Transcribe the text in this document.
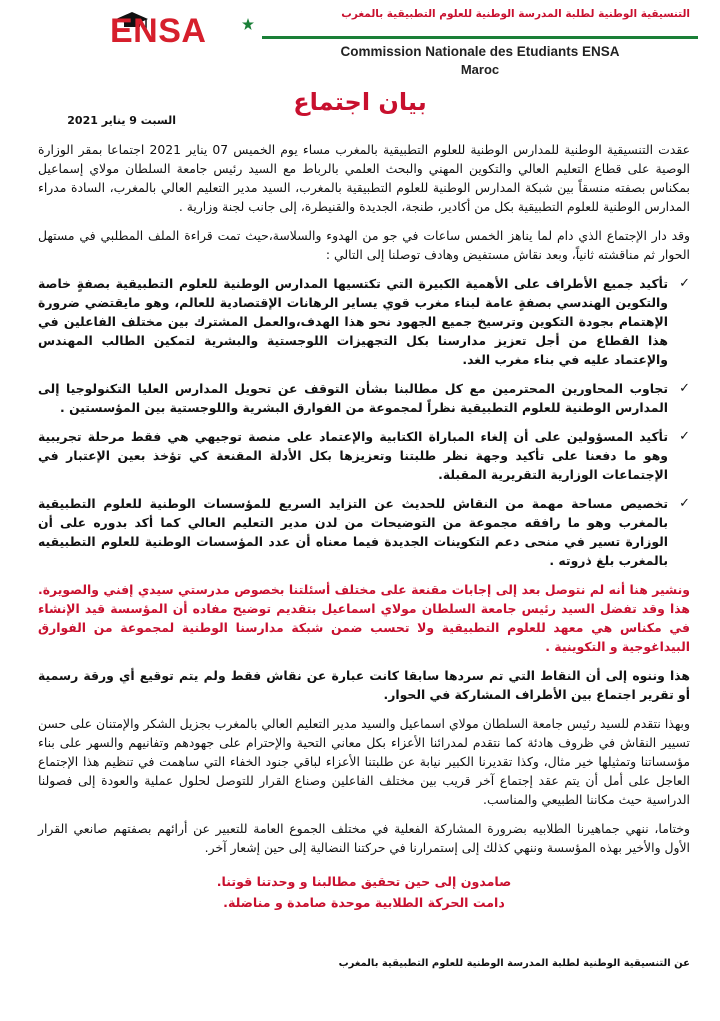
التنسيقية الوطنية لطلبة المدرسة الوطنية للعلوم التطبيقية بالمغرب
ENSA
Commission Nationale des Etudiants ENSA
Maroc
بيان اجتماع
السبت 9 يناير 2021

عقدت التنسيقية الوطنية للمدارس الوطنية للعلوم التطبيقية بالمغرب مساء يوم الخميس 07 يناير 2021 اجتماعا بمقر الوزارة الوصية على قطاع التعليم العالي والتكوين المهني والبحث العلمي بالرباط مع السيد رئيس جامعة السلطان مولاي إسماعيل بمكناس بصفته منسقاً بين شبكة المدارس الوطنية للعلوم التطبيقية بالمغرب، السيد مدير التعليم العالي بالمغرب، السادة مدراء المدارس الوطنية للعلوم التطبيقية بكل من أكادير، طنجة، الجديدة والقنيطرة، إلى جانب لجنة وزارية .

وقد دار الإجتماع الذي دام لما يناهز الخمس ساعات في جو من الهدوء والسلاسة،حيث تمت قراءة الملف المطلبي في مستهل الحوار ثم مناقشته ثانياً، وبعد نقاش مستفيض وهادف توصلنا إلى التالي :

✓
تأكيد جميع الأطراف على الأهمية الكبيرة التي تكتسيها المدارس الوطنية للعلوم التطبيقية بصفةٍ خاصة والتكوين الهندسي بصفةٍ عامة لبناء مغرب قوي يساير الرهانات الإقتصادية للعالم، وهو مايقتضي ضرورة الإهتمام بجودة التكوين وترسيخ جميع الجهود نحو هذا الهدف،والعمل المشترك بين مختلف الفاعلين في هذا القطاع من أجل تعزيز مدارسنا بكل التجهيزات اللوجستية والبشرية لتمكين الطالب المهندس والإعتماد عليه في بناء مغرب الغد.
✓
تجاوب المحاورين المحترمين مع كل مطالبنا بشأن التوقف عن تحويل المدارس العليا التكنولوجيا إلى المدارس الوطنية للعلوم التطبيقية نظراً لمجموعة من الفوارق البشرية واللوجستية بين المؤسستين .
✓
تأكيد المسؤولين على أن إلغاء المباراة الكتابية والإعتماد على منصة توجيهي هي فقط مرحلة تجريبية وهو ما دفعنا على تأكيد وجهة نظر طلبتنا وتعزيزها بكل الأدلة المقنعة كي تؤخذ بعين الإعتبار في الإجتماعات الوزارية التقريرية المقبلة.
✓
تخصيص مساحة مهمة من النقاش للحديث عن التزايد السريع للمؤسسات الوطنية للعلوم التطبيقية بالمغرب وهو ما رافقه مجموعة من التوضيحات من لدن مدير التعليم العالي كما أكد بدوره على أن الوزارة تسير في منحى دعم التكوينات الجديدة فيما معناه أن عدد المؤسسات الوطنية للعلوم التطبيقيه بالمغرب بلغ ذروته .

ونشير هنا أنه لم نتوصل بعد إلى إجابات مقنعة على مختلف أسئلتنا بخصوص مدرستي سيدي إفني والصويرة. هذا وقد تفضل السيد رئيس جامعة السلطان مولاي اسماعيل بتقديم توضيح مفاده أن المؤسسة قيد الإنشاء في مكناس هي معهد للعلوم التطبيقية ولا تحسب ضمن شبكة مدارسنا الوطنية لمجموعة من الفوارق البيداغوجية و التكوينية .

هذا وننوه إلى أن النقاط التي تم سردها سابقا كانت عبارة عن نقاش فقط ولم يتم توقيع أي ورقة رسمية أو تقرير اجتماع بين الأطراف المشاركة في الحوار.

وبهذا نتقدم للسيد رئيس جامعة السلطان مولاي اسماعيل والسيد مدير التعليم العالي بالمغرب بجزيل الشكر والإمتنان على حسن تسيير النقاش في ظروف هادئة كما نتقدم لمدرائنا الأعزاء بكل معاني التحية والإحترام على جهودهم وتفانيهم والسهر على بناء مؤسساتنا وتمثيلها خير مثال، وكذا تقديرنا الكبير نيابة عن طلبتنا الأعزاء لباقي جنود الخفاء التي ساهمت في تنظيم هذا الإجتماع العاجل على أمل أن يتم عقد إجتماع آخر قريب بين مختلف الفاعلين وصناع القرار للتوصل لحلول عملية والعودة إلى فصولنا الدراسية حيث مكاننا الطبيعي والمناسب.

وختاما، ننهي جماهيرنا الطلابيه بضرورة المشاركة الفعلية في مختلف الجموع العامة للتعبير عن أرائهم بصفتهم صانعي القرار الأول والأخير بهذه المؤسسة وننهي كذلك إلى إستمرارنا في حركتنا النضالية إلى حين إشعار آخر.

صامدون إلى حين تحقيق مطالبنا و وحدتنا قوتنا.
دامت الحركة الطلابية موحدة صامدة و مناضلة.
عن التنسيقية الوطنية لطلبة المدرسة الوطنية للعلوم التطبيقية بالمغرب
